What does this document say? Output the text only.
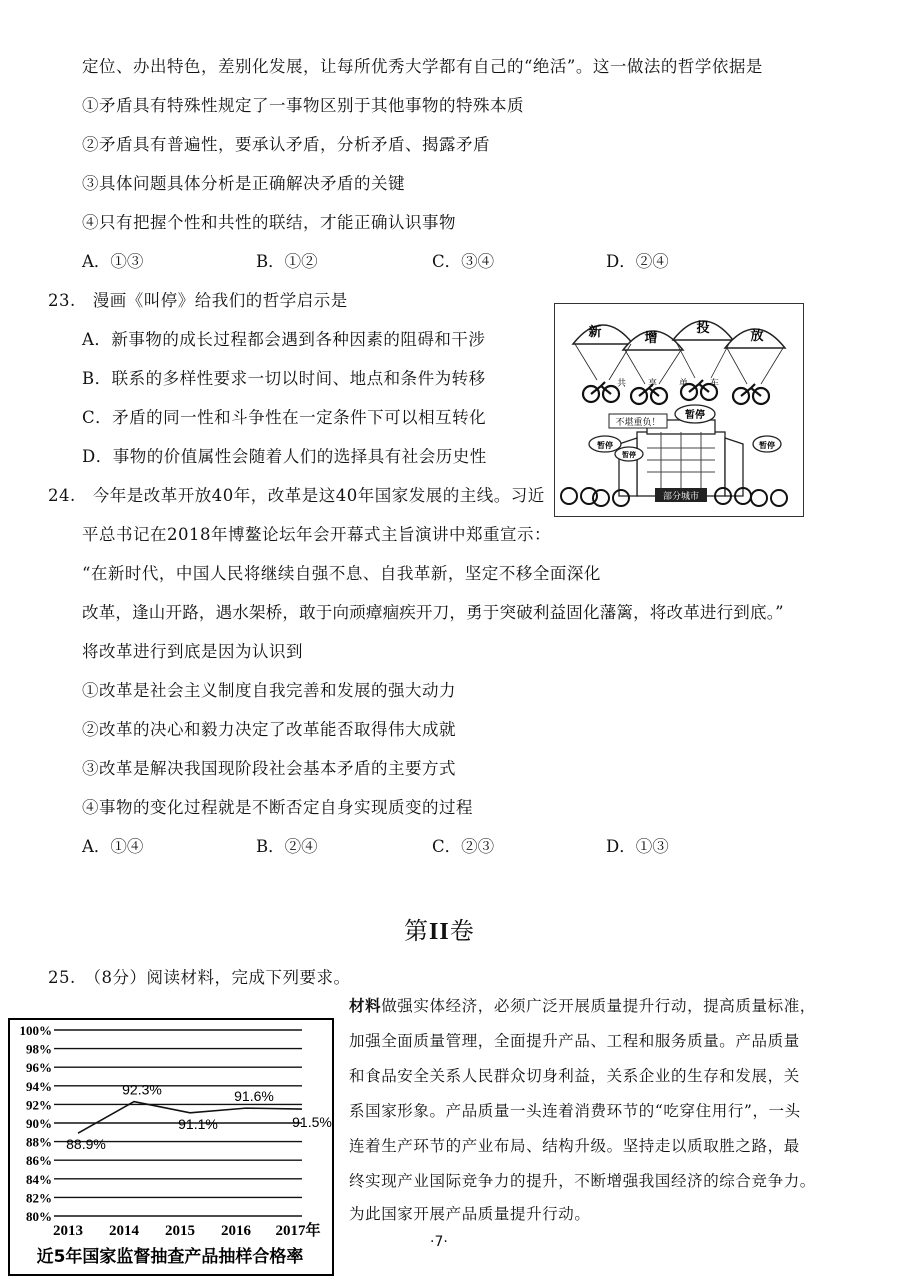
定位、办出特色，差别化发展，让每所优秀大学都有自己的“绝活”。这一做法的哲学依据是
①矛盾具有特殊性规定了一事物区别于其他事物的特殊本质
②矛盾具有普遍性，要承认矛盾，分析矛盾、揭露矛盾
③具体问题具体分析是正确解决矛盾的关键
④只有把握个性和共性的联结，才能正确认识事物
A．①③	B．①②	C．③④	D．②④
23.　漫画《叫停》给我们的哲学启示是
A．新事物的成长过程都会遇到各种因素的阻碍和干涉
B．联系的多样性要求一切以时间、地点和条件为转移
C．矛盾的同一性和斗争性在一定条件下可以相互转化
D．事物的价值属性会随着人们的选择具有社会历史性
新	增
投
放
共享单车
不堪重负！
暂停
暂停	暂停
暂停
部分城市
24.　今年是改革开放40年，改革是这40年国家发展的主线。习近
平总书记在2018年博鳌论坛年会开幕式主旨演讲中郑重宣示：
“在新时代，中国人民将继续自强不息、自我革新，坚定不移全面深化
改革，逢山开路，遇水架桥，敢于向顽瘴痼疾开刀，勇于突破利益固化藩篱，将改革进行到底。”
将改革进行到底是因为认识到
①改革是社会主义制度自我完善和发展的强大动力
②改革的决心和毅力决定了改革能否取得伟大成就
③改革是解决我国现阶段社会基本矛盾的主要方式
④事物的变化过程就是不断否定自身实现质变的过程
A．①④	B．②④	C．②③	D．①③
第II卷
25.　（8分）阅读材料，完成下列要求。
80%
82%
84%
86%
88%
90%
92%
94%
96%
98%
100%
88.9%
92.3%
91.1%
91.6%
91.5%
2013 2014 2015 2016 2017年
近5年国家监督抽查产品抽样合格率
材料做强实体经济，必须广泛开展质量提升行动，提高质量标准，
加强全面质量管理，全面提升产品、工程和服务质量。产品质量
和食品安全关系人民群众切身利益，关系企业的生存和发展，关
系国家形象。产品质量一头连着消费环节的“吃穿住用行”，一头
连着生产环节的产业布局、结构升级。坚持走以质取胜之路，最
终实现产业国际竞争力的提升，不断增强我国经济的综合竞争力。
为此国家开展产品质量提升行动。
·7·
